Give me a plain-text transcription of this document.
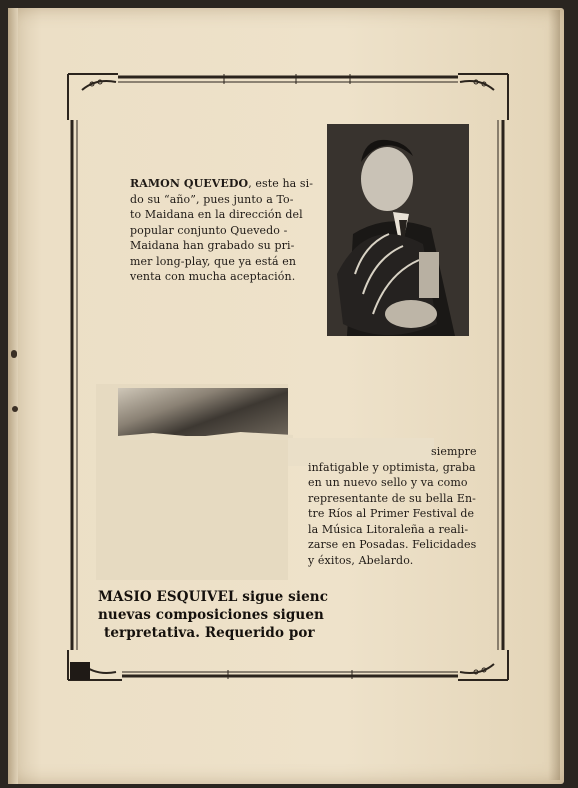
RAMON QUEVEDO, este ha si-
do su “año”, pues junto a To-
to Maidana en la dirección del
popular conjunto Quevedo -
Maidana han grabado su pri-
mer long-play, que ya está en
venta con mucha aceptación.
siempre
infatigable y optimista, graba
en un nuevo sello y va como
representante de su bella En-
tre Ríos al Primer Festival de
la Música Litoraleña a reali-
zarse en Posadas. Felicidades
y éxitos, Abelardo.
MASIO ESQUIVEL sigue sienc
nuevas composiciones siguen
terpretativa. Requerido por
